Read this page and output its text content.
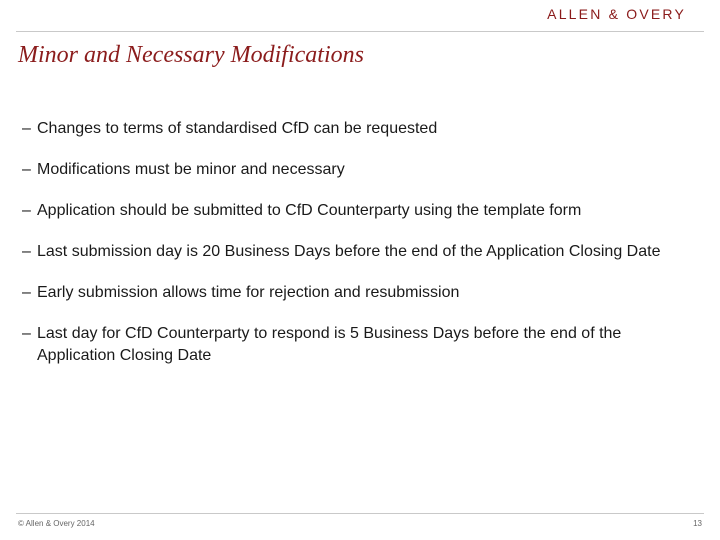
ALLEN & OVERY
Minor and Necessary Modifications
– Changes to terms of standardised CfD can be requested
– Modifications must be minor and necessary
– Application should be submitted to CfD Counterparty using the template form
– Last submission day is 20 Business Days before the end of the Application Closing Date
– Early submission allows time for rejection and resubmission
– Last day for CfD Counterparty to respond is 5 Business Days before the end of the Application Closing Date
© Allen & Overy 2014	13
